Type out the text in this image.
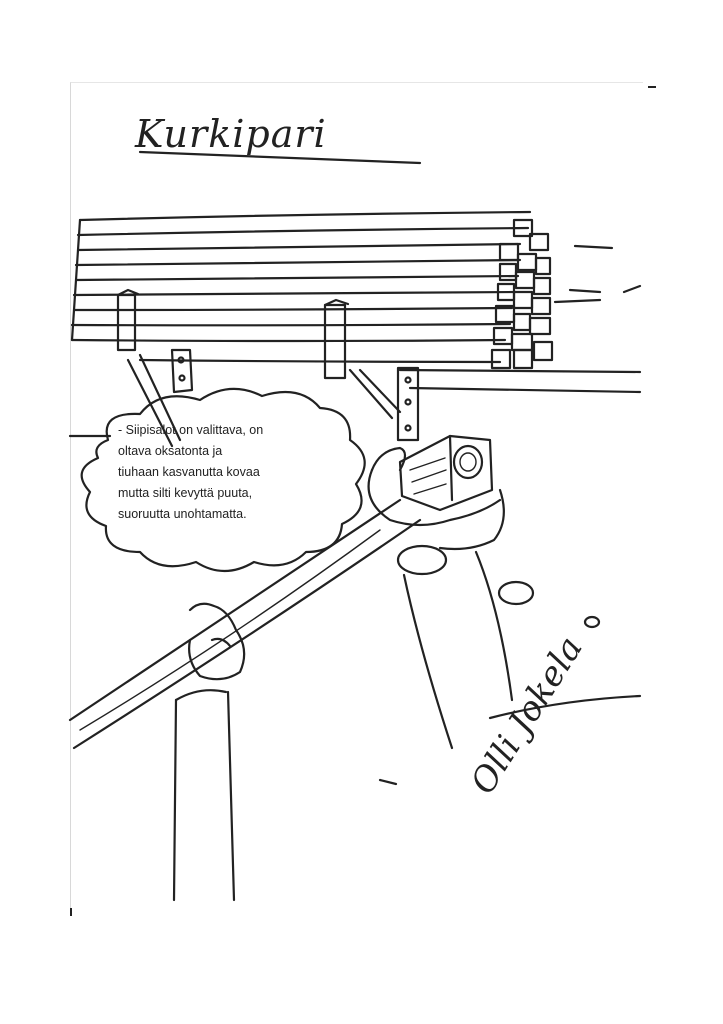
Kurkipari
- Siipisalot on valittava, on
oltava oksatonta ja
tiuhaan kasvanutta kovaa
mutta silti kevyttä puuta,
suoruutta unohtamatta.
Olli Jokela
